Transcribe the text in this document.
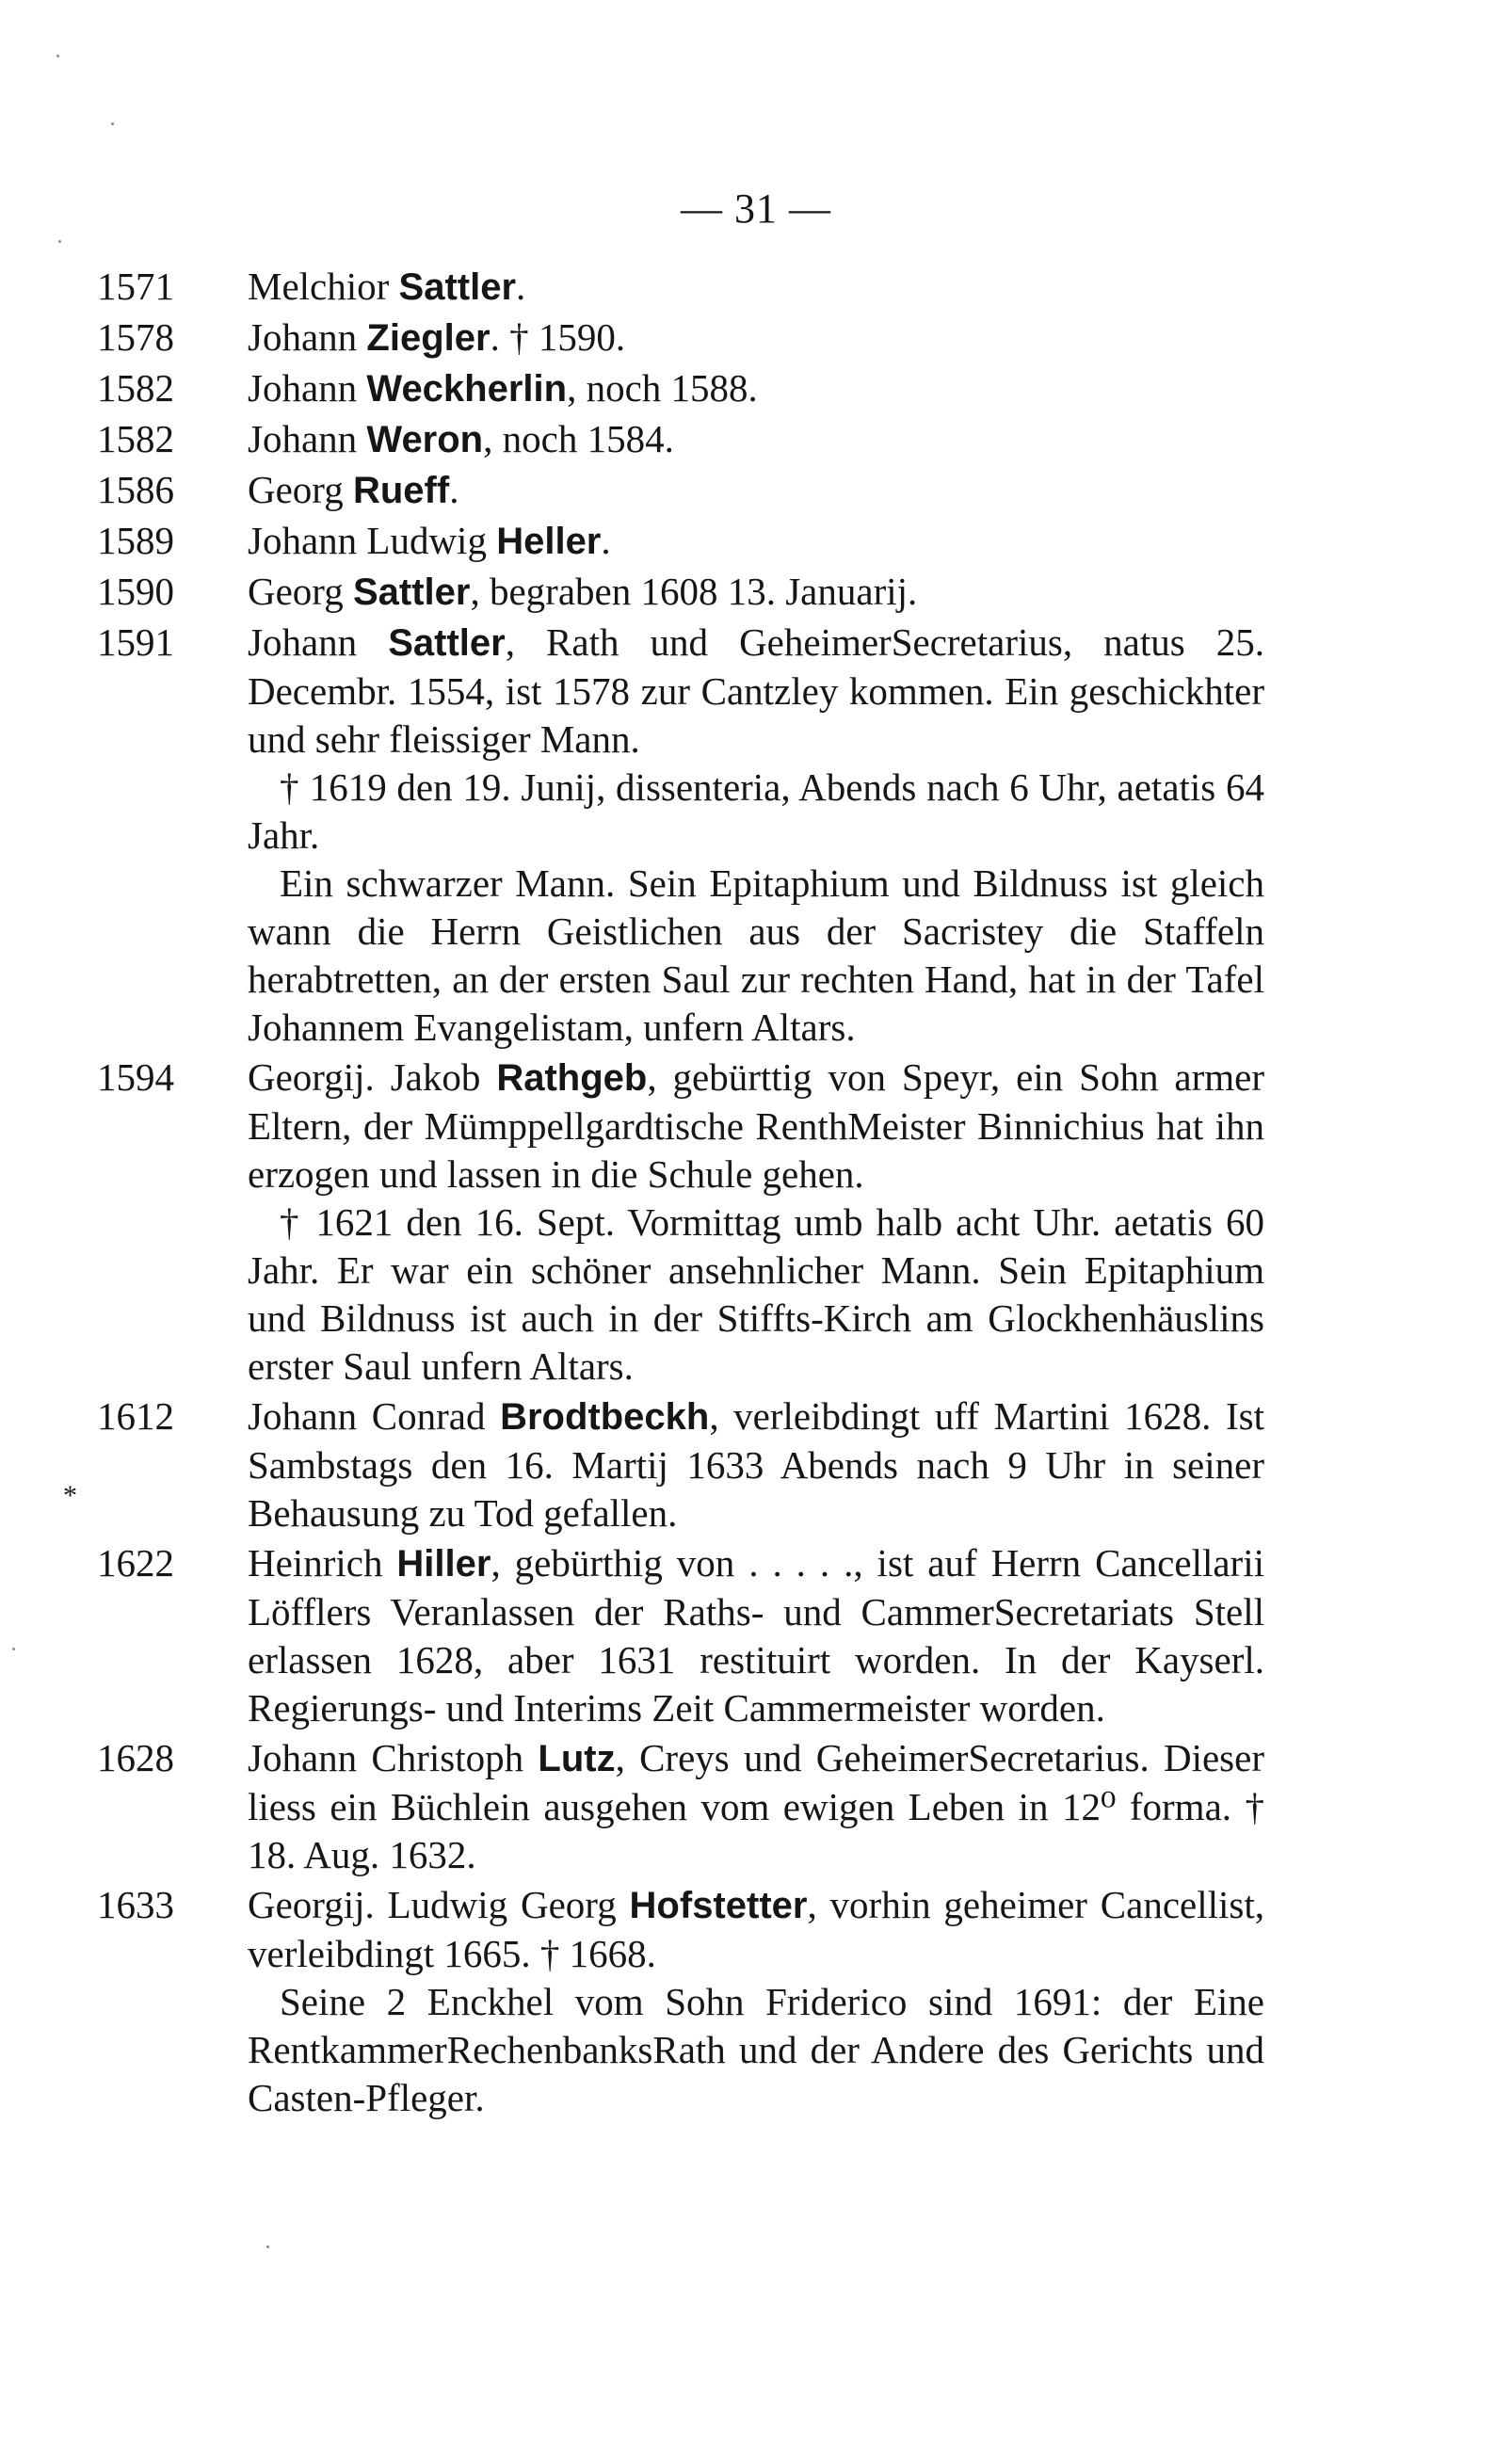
— 31 —
*
1571	Melchior Sattler.
1578	Johann Ziegler. † 1590.
1582	Johann Weckherlin, noch 1588.
1582	Johann Weron, noch 1584.
1586	Georg Rueff.
1589	Johann Ludwig Heller.
1590	Georg Sattler, begraben 1608 13. Januarij.
1591	Johann Sattler, Rath und GeheimerSecretarius, natus 25. Decembr. 1554, ist 1578 zur Cantzley kommen. Ein geschickhter und sehr fleissiger Mann.
† 1619 den 19. Junij, dissenteria, Abends nach 6 Uhr, aetatis 64 Jahr.
Ein schwarzer Mann. Sein Epitaphium und Bildnuss ist gleich wann die Herrn Geistlichen aus der Sacristey die Staffeln herabtretten, an der ersten Saul zur rechten Hand, hat in der Tafel Johannem Evangelistam, unfern Altars.
1594	Georgij. Jakob Rathgeb, gebürttig von Speyr, ein Sohn armer Eltern, der Mümppellgardtische RenthMeister Binnichius hat ihn erzogen und lassen in die Schule gehen.
† 1621 den 16. Sept. Vormittag umb halb acht Uhr. aetatis 60 Jahr. Er war ein schöner ansehnlicher Mann. Sein Epitaphium und Bildnuss ist auch in der Stiffts-Kirch am Glockhenhäuslins erster Saul unfern Altars.
1612	Johann Conrad Brodtbeckh, verleibdingt uff Martini 1628. Ist Sambstags den 16. Martij 1633 Abends nach 9 Uhr in seiner Behausung zu Tod gefallen.
1622	Heinrich Hiller, gebürthig von . . . . ., ist auf Herrn Cancellarii Löfflers Veranlassen der Raths- und CammerSecretariats Stell erlassen 1628, aber 1631 restituirt worden. In der Kayserl. Regierungs- und Interims Zeit Cammermeister worden.
1628	Johann Christoph Lutz, Creys und GeheimerSecretarius. Dieser liess ein Büchlein ausgehen vom ewigen Leben in 12⁰ forma. † 18. Aug. 1632.
1633	Georgij. Ludwig Georg Hofstetter, vorhin geheimer Cancellist, verleibdingt 1665. † 1668.
Seine 2 Enckhel vom Sohn Friderico sind 1691: der Eine RentkammerRechenbanksRath und der Andere des Gerichts und Casten-Pfleger.
